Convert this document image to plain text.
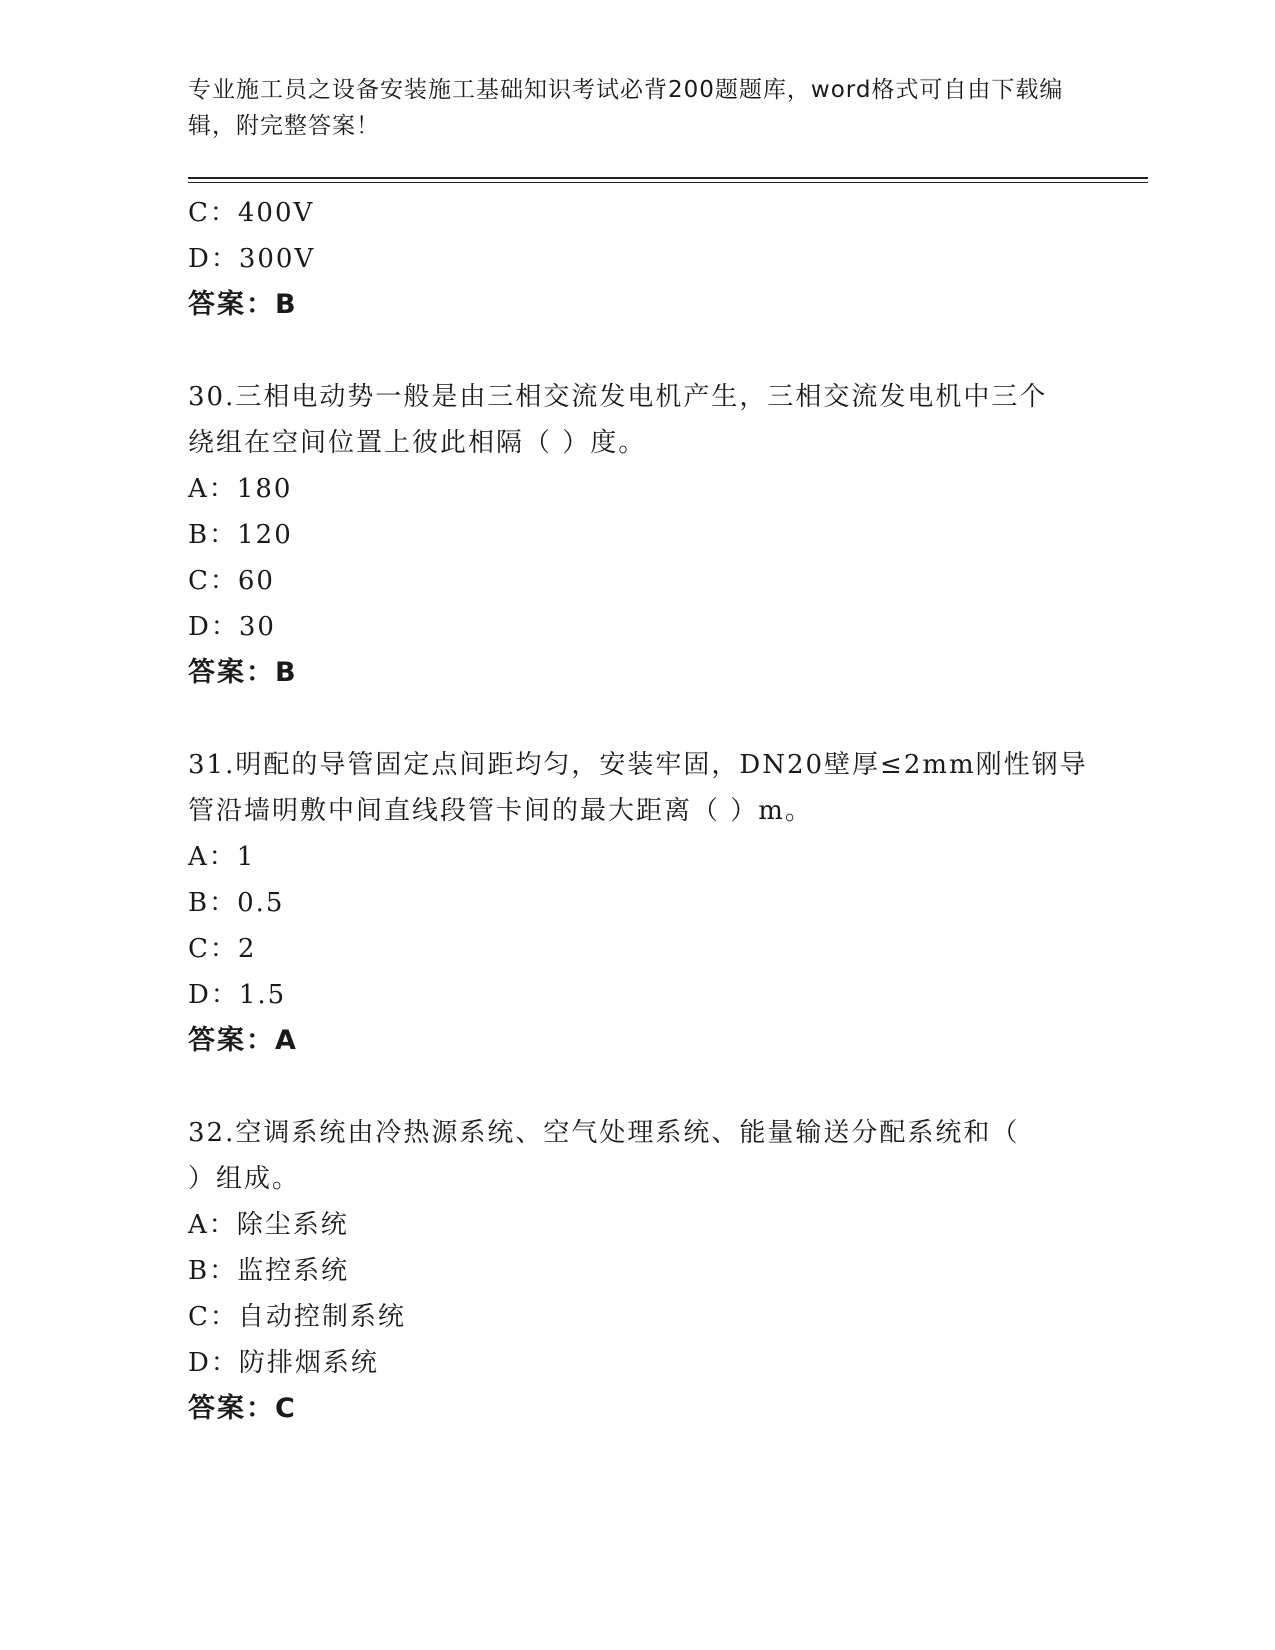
专业施工员之设备安装施工基础知识考试必背200题题库，word格式可自由下载编辑，附完整答案！
C：400V
D：300V
答案：B
30.三相电动势一般是由三相交流发电机产生，三相交流发电机中三个
绕组在空间位置上彼此相隔（ ）度。
A：180
B：120
C：60
D：30
答案：B
31.明配的导管固定点间距均匀，安装牢固，DN20壁厚≤2mm刚性钢导
管沿墙明敷中间直线段管卡间的最大距离（ ）m。
A：1
B：0.5
C：2
D：1.5
答案：A
32.空调系统由冷热源系统、空气处理系统、能量输送分配系统和（
）组成。
A：除尘系统
B：监控系统
C：自动控制系统
D：防排烟系统
答案：C
